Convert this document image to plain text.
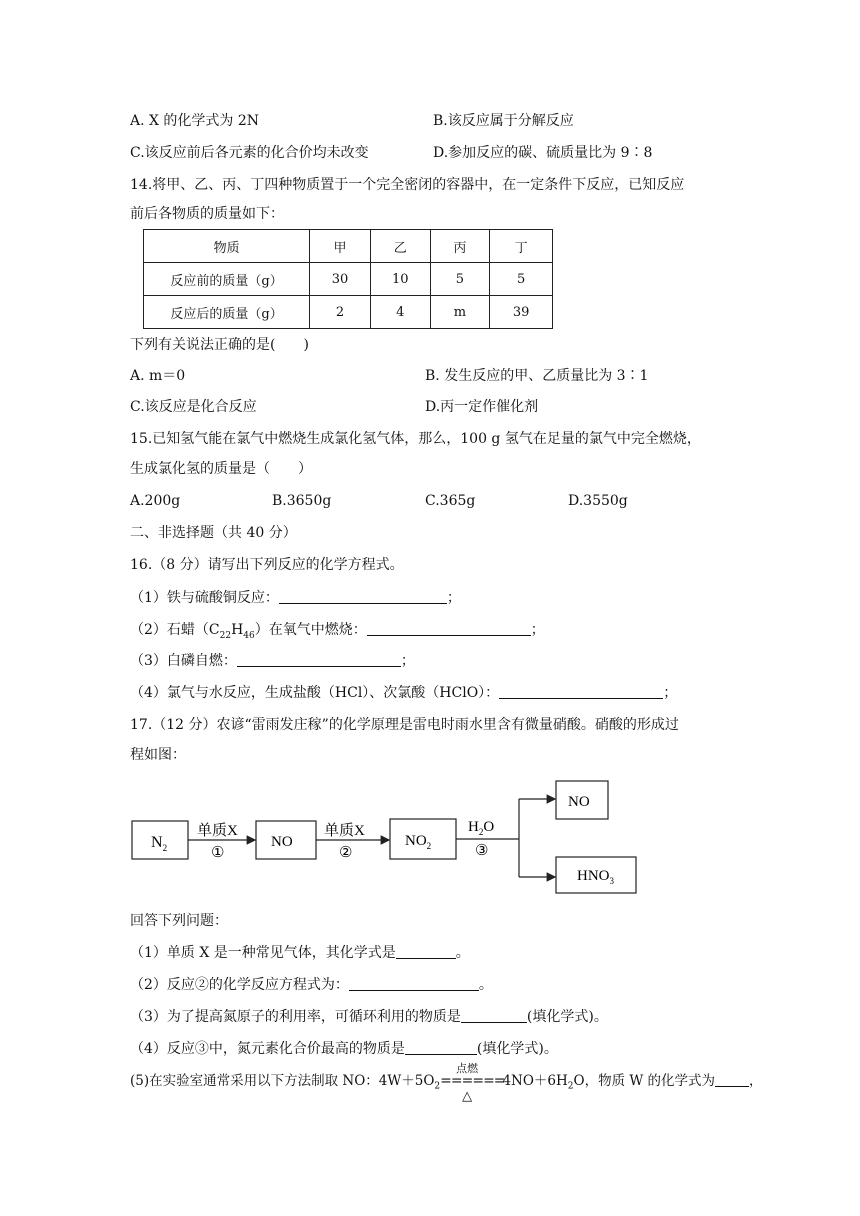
A. X 的化学式为 2N	B.该反应属于分解反应
C.该反应前后各元素的化合价均未改变	D.参加反应的碳、硫质量比为 9∶8
14.将甲、乙、丙、丁四种物质置于一个完全密闭的容器中，在一定条件下反应，已知反应
前后各物质的质量如下：
物质	甲	乙	丙	丁
反应前的质量（g）	30	10	5	5
反应后的质量（g）	2	4	m	39
下列有关说法正确的是(　　)
A. m＝0	B. 发生反应的甲、乙质量比为 3∶1
C.该反应是化合反应	D.丙一定作催化剂
15.已知氢气能在氯气中燃烧生成氯化氢气体，那么，100 g 氢气在足量的氯气中完全燃烧，
生成氯化氢的质量是（　　）
A.200g	B.3650g	C.365g	D.3550g
二、非选择题（共 40 分）
16.（8 分）请写出下列反应的化学方程式。
（1）铁与硫酸铜反应：	；
（2）石蜡$(C_{22}H_{46})$在氧气中燃烧：	；
（3）白磷自燃：	；
（4）氯气与水反应，生成盐酸（HCl）、次氯酸（HClO）：	；
17.（12 分）农谚“雷雨发庄稼”的化学原理是雷电时雨水里含有微量硝酸。硝酸的形成过
程如图：
$N_2$
单质X
①
NO
单质X
②
$NO_2$
$H_2O$
③
NO
$HNO_3$
回答下列问题：
（1）单质 X 是一种常见气体，其化学式是	。
（2）反应②的化学反应方程式为：	。
（3）为了提高氮原子的利用率，可循环利用的物质是	(填化学式)。
（4）反应③中，氮元素化合价最高的物质是	(填化学式)。
(5)在实验室通常采用以下方法制取 NO：$4W+5O_2$
点燃
======
△
$4NO+6H_2O$，物质 W 的化学式为	，
